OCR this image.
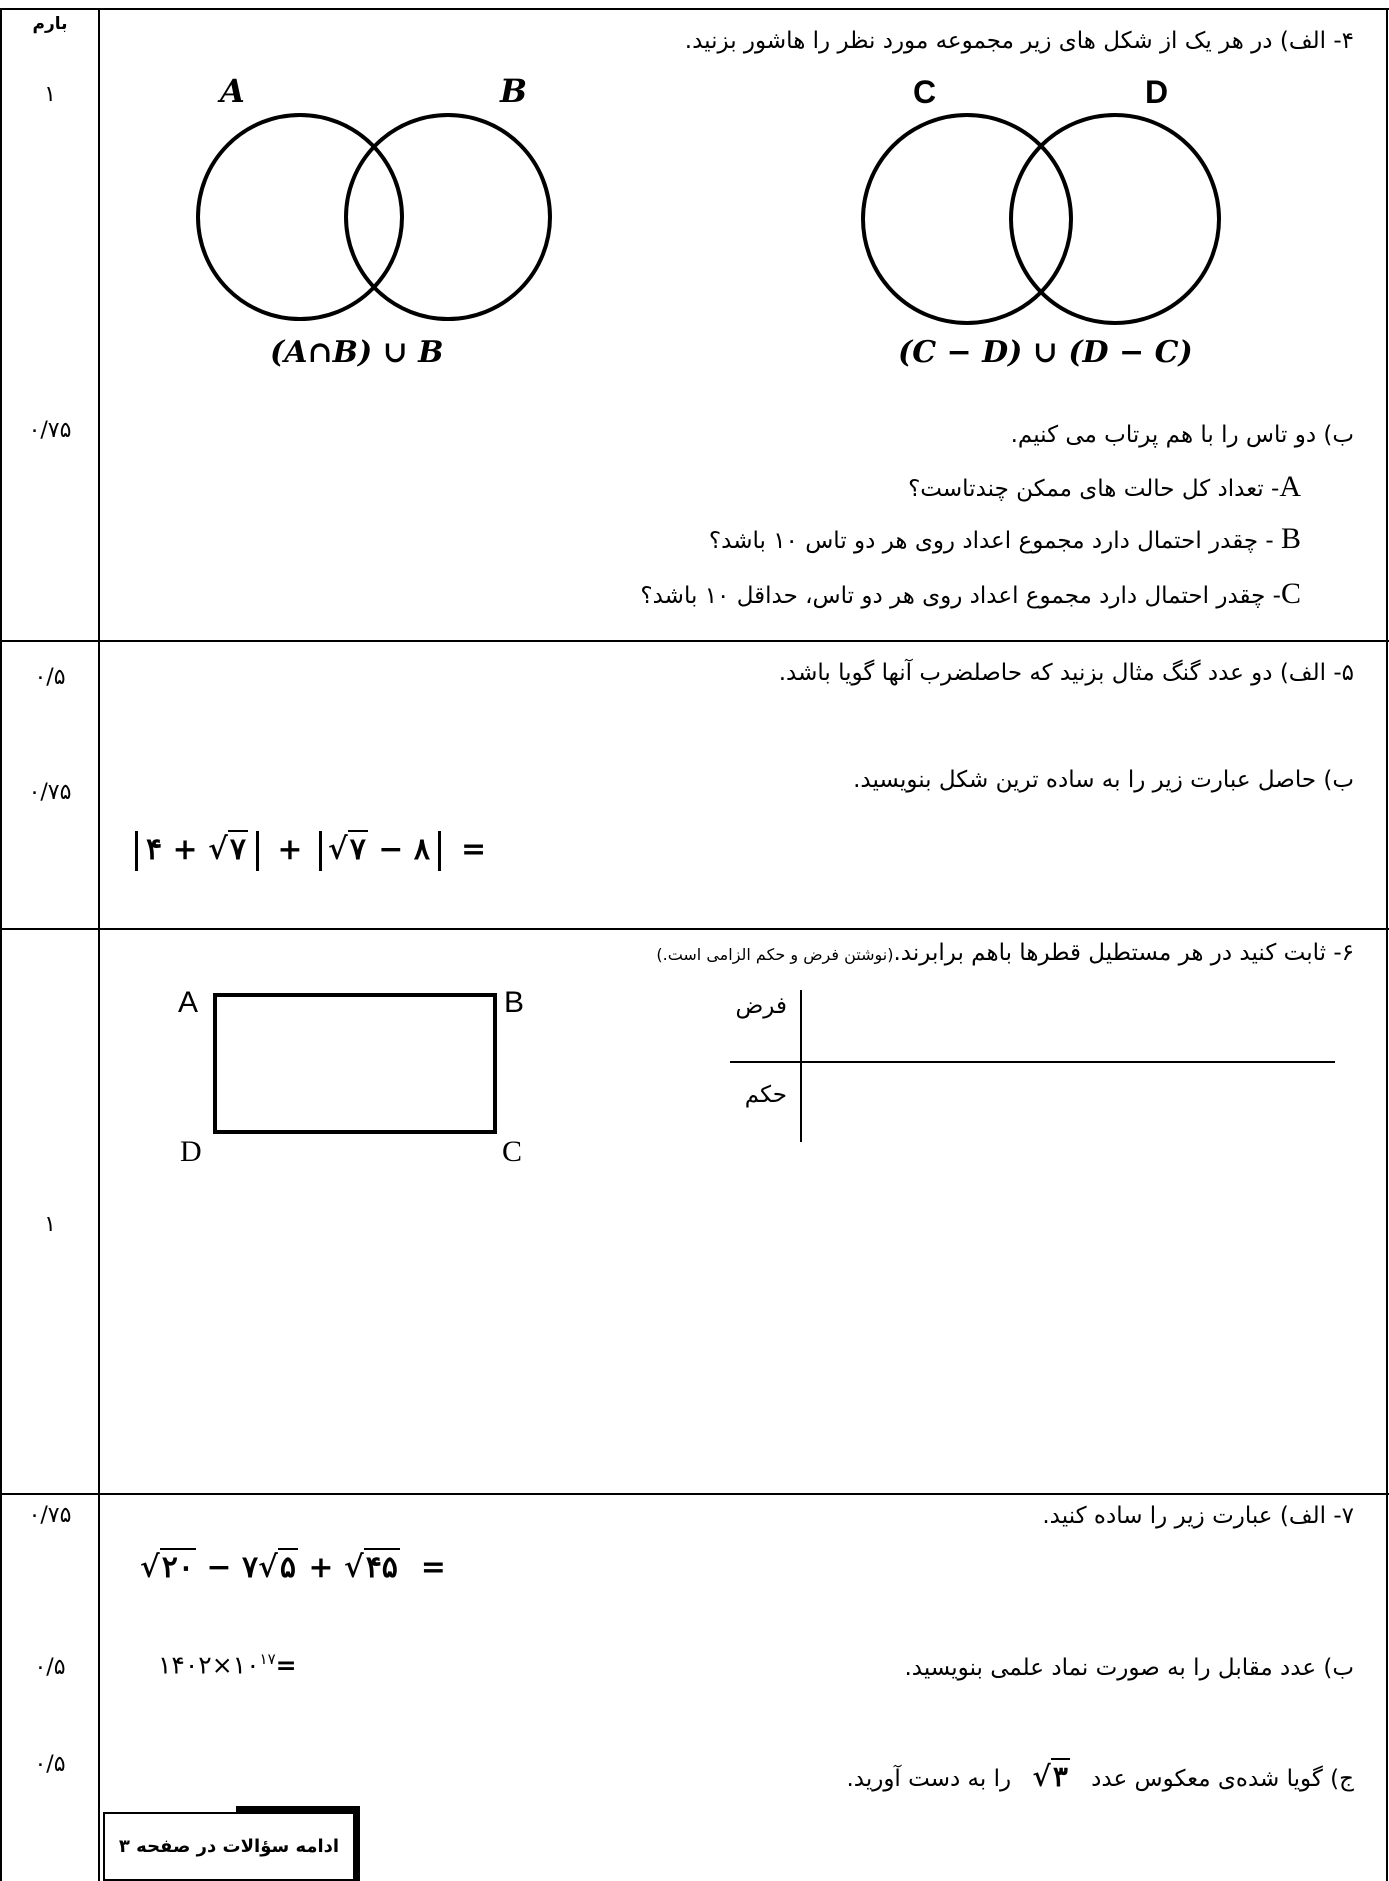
بارم
۱
۰/۷۵
۴- الف) در هر یک از شکل های زیر مجموعه مورد نظر را هاشور بزنید.
A	B
(A∩B) ∪ B
C	D
(C − D) ∪ (D − C)
ب) دو تاس را با هم پرتاب می کنیم.
A- تعداد کل حالت های ممکن چندتاست؟
B - چقدر احتمال دارد مجموع اعداد روی هر دو تاس ۱۰ باشد؟
C- چقدر احتمال دارد مجموع اعداد روی هر دو تاس، حداقل ۱۰ باشد؟
۰/۵
۰/۷۵
۵- الف) دو عدد گنگ مثال بزنید که حاصلضرب آنها گویا باشد.
ب) حاصل عبارت زیر را به ساده ترین شکل بنویسید.
۴ + √۷ + √۷ − ۸ =
۱
۶- ثابت کنید در هر مستطیل قطرها باهم برابرند.(نوشتن فرض و حکم الزامی است.)
A	B
C
D
فرض
حکم
۰/۷۵
۰/۵
۰/۵
۷- الف) عبارت زیر را ساده کنید.
√۲۰ − ۷√۵ + √۴۵  =
$۱۴۰۲\times ۱۰^{۱۷}=$	ب) عدد مقابل را به صورت نماد علمی بنویسید.
ج) گویا شده‌ی معکوس عدد √۳ را به دست آورید.
ادامه سؤالات در صفحه ۳
